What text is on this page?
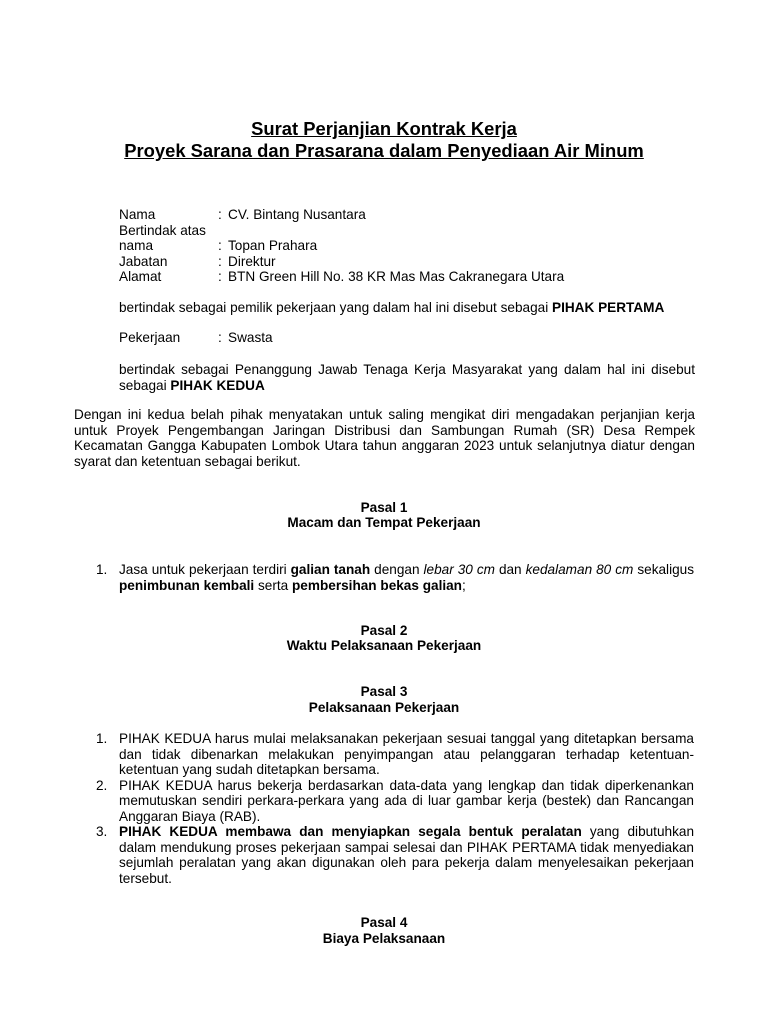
Surat Perjanjian Kontrak Kerja
Proyek Sarana dan Prasarana dalam Penyediaan Air Minum
Nama	: CV. Bintang Nusantara
Bertindak atas
nama	: Topan Prahara
Jabatan	: Direktur
Alamat	: BTN Green Hill No. 38 KR Mas Mas Cakranegara Utara
bertindak sebagai pemilik pekerjaan yang dalam hal ini disebut sebagai PIHAK PERTAMA
Pekerjaan	: Swasta
bertindak sebagai Penanggung Jawab Tenaga Kerja Masyarakat yang dalam hal ini disebut sebagai PIHAK KEDUA
Dengan ini kedua belah pihak menyatakan untuk saling mengikat diri mengadakan perjanjian kerja untuk Proyek Pengembangan Jaringan Distribusi dan Sambungan Rumah (SR) Desa Rempek Kecamatan Gangga Kabupaten Lombok Utara tahun anggaran 2023 untuk selanjutnya diatur dengan syarat dan ketentuan sebagai berikut.
Pasal 1
Macam dan Tempat Pekerjaan
1. Jasa untuk pekerjaan terdiri galian tanah dengan lebar 30 cm dan kedalaman 80 cm sekaligus penimbunan kembali serta pembersihan bekas galian;
Pasal 2
Waktu Pelaksanaan Pekerjaan
Pasal 3
Pelaksanaan Pekerjaan
1. PIHAK KEDUA harus mulai melaksanakan pekerjaan sesuai tanggal yang ditetapkan bersama dan tidak dibenarkan melakukan penyimpangan atau pelanggaran terhadap ketentuan-ketentuan yang sudah ditetapkan bersama.
2. PIHAK KEDUA harus bekerja berdasarkan data-data yang lengkap dan tidak diperkenankan memutuskan sendiri perkara-perkara yang ada di luar gambar kerja (bestek) dan Rancangan Anggaran Biaya (RAB).
3. PIHAK KEDUA membawa dan menyiapkan segala bentuk peralatan yang dibutuhkan dalam mendukung proses pekerjaan sampai selesai dan PIHAK PERTAMA tidak menyediakan sejumlah peralatan yang akan digunakan oleh para pekerja dalam menyelesaikan pekerjaan tersebut.
Pasal 4
Biaya Pelaksanaan
